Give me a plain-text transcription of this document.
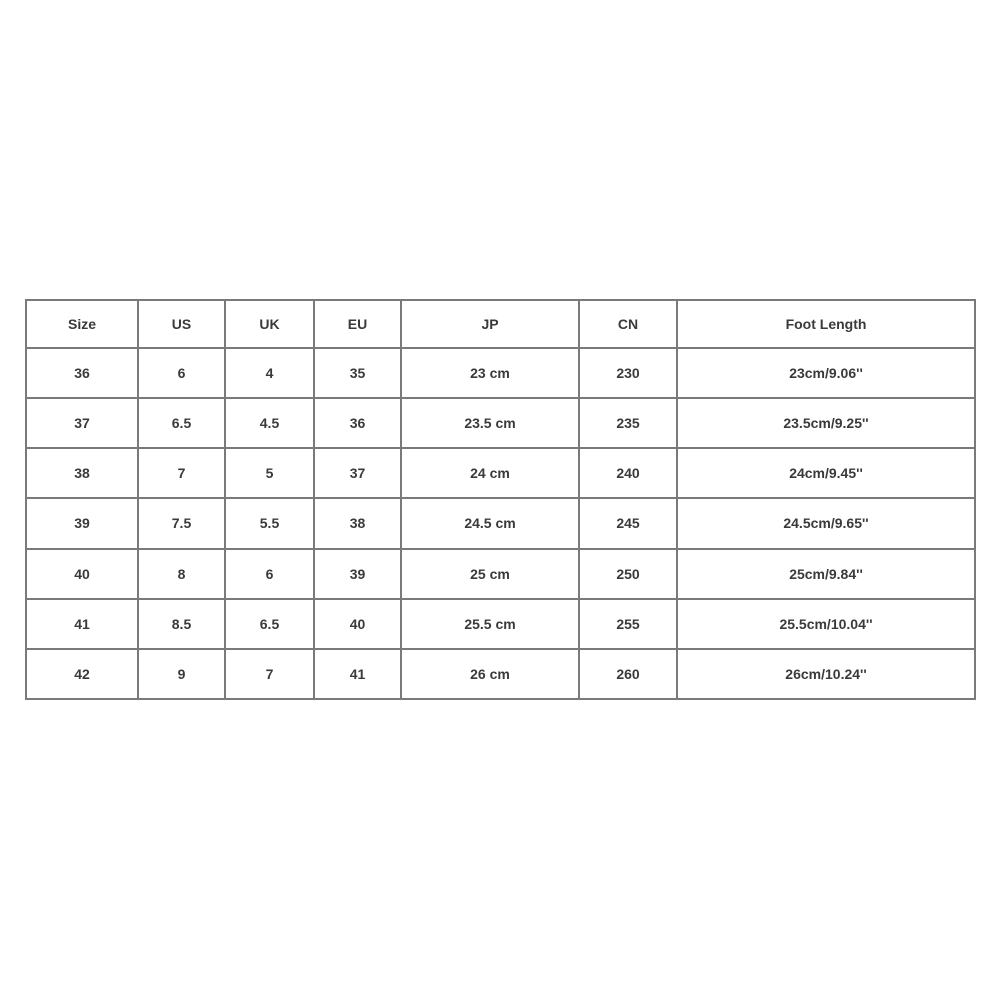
Size	US	UK	EU	JP	CN	Foot Length
36	6	4	35	23 cm	230	23cm/9.06''
37	6.5	4.5	36	23.5 cm	235	23.5cm/9.25''
38	7	5	37	24 cm	240	24cm/9.45''
39	7.5	5.5	38	24.5 cm	245	24.5cm/9.65''
40	8	6	39	25 cm	250	25cm/9.84''
41	8.5	6.5	40	25.5 cm	255	25.5cm/10.04''
42	9	7	41	26 cm	260	26cm/10.24''
